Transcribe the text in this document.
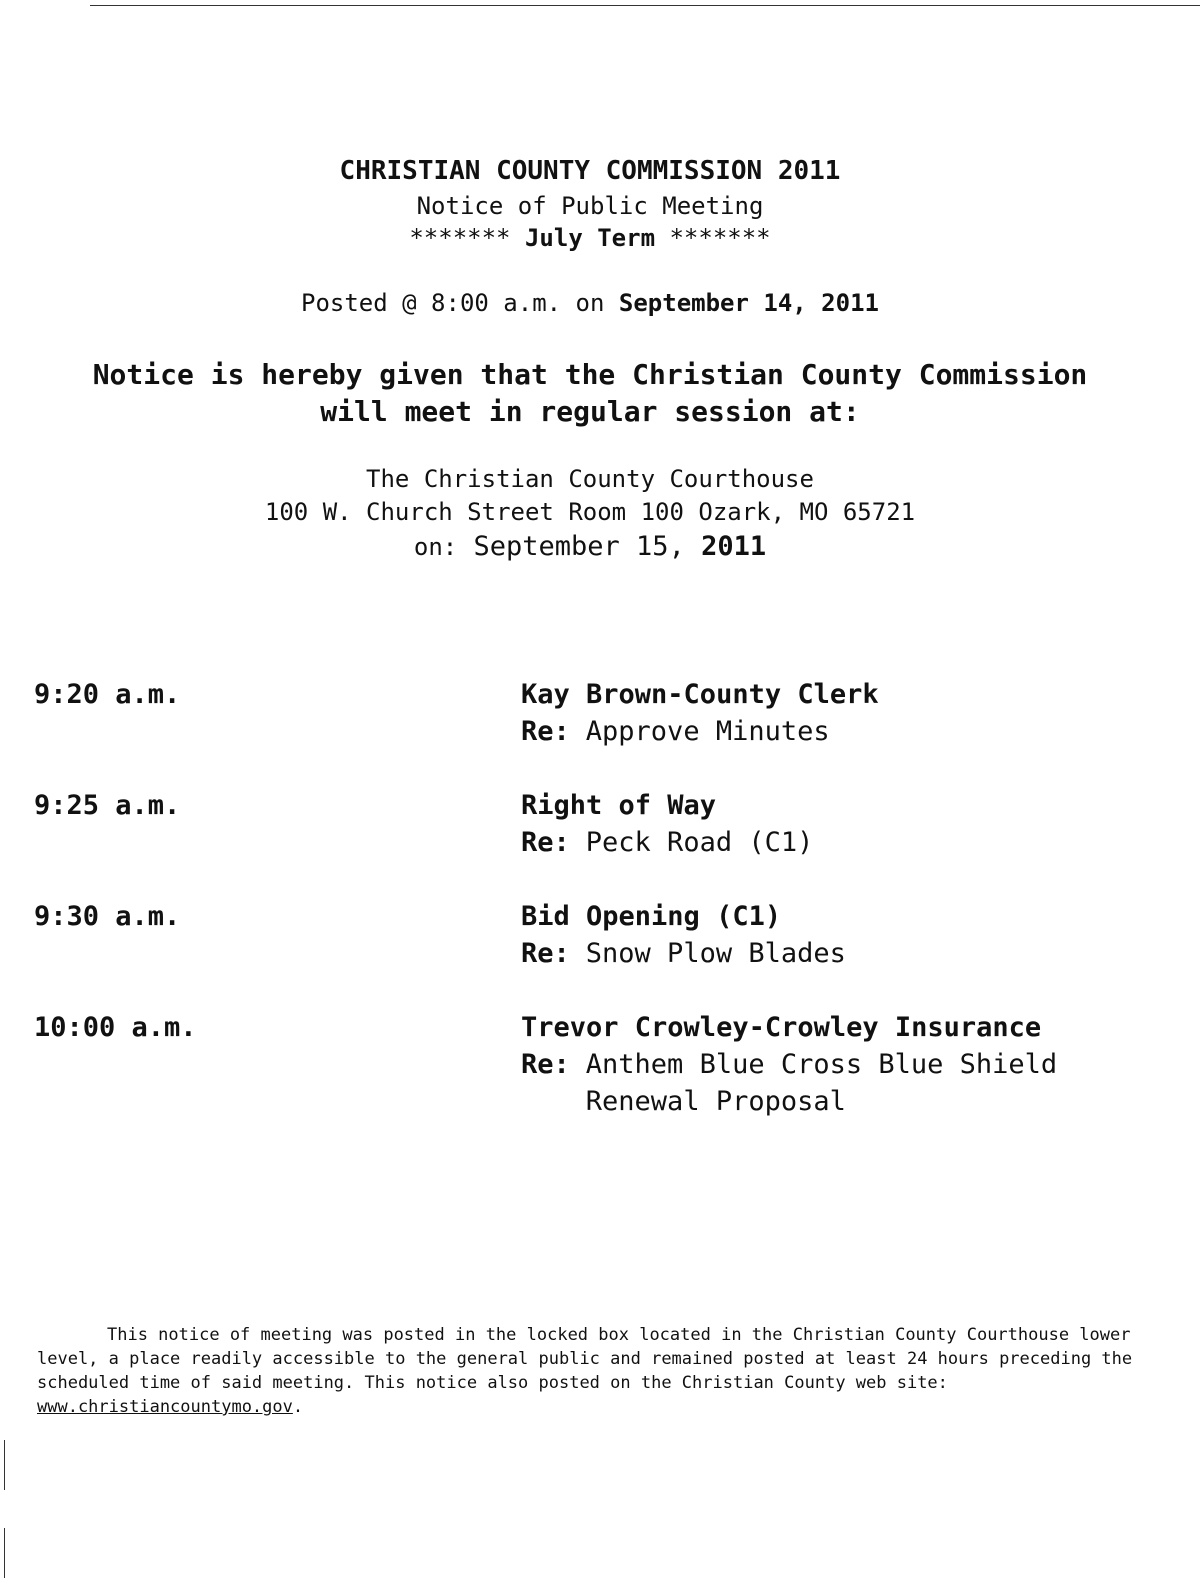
CHRISTIAN COUNTY COMMISSION 2011
Notice of Public Meeting
******* July Term *******
Posted @ 8:00 a.m. on September 14, 2011
Notice is hereby given that the Christian County Commission
will meet in regular session at:
The Christian County Courthouse
100 W. Church Street Room 100 Ozark, MO 65721
on: September 15, 2011
9:20 a.m.	Kay Brown-County Clerk
Re: Approve Minutes
9:25 a.m.	Right of Way
Re: Peck Road (C1)
9:30 a.m.	Bid Opening (C1)
Re: Snow Plow Blades
10:00 a.m.	Trevor Crowley-Crowley Insurance
Re: Anthem Blue Cross Blue Shield Renewal Proposal
This notice of meeting was posted in the locked box located in the Christian County Courthouse lower level, a place readily accessible to the general public and remained posted at least 24 hours preceding the scheduled time of said meeting. This notice also posted on the Christian County web site: www.christiancountymo.gov.
